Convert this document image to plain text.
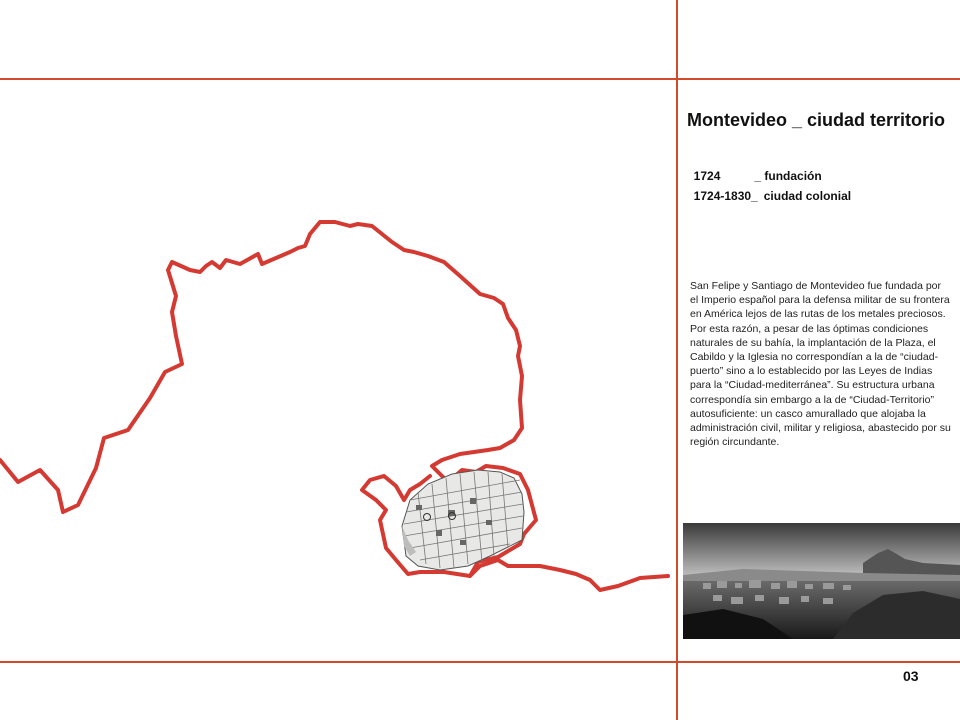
Montevideo _ ciudad territorio

1724	_ fundación

1724-1830_ ciudad colonial

San Felipe y Santiago de Montevideo fue fundada por el Imperio español para la defensa militar de su frontera en América lejos de las rutas de los metales preciosos. Por esta razón, a pesar de las óptimas condiciones naturales de su bahía, la implantación de la Plaza, el Cabildo y la Iglesia no correspondían a la de “ciudad-puerto” sino a lo establecido por las Leyes de Indias para la “Ciudad-mediterránea”. Su estructura urbana correspondía sin embargo a la de “Ciudad-Territorio” autosuficiente: un casco amurallado que alojaba la administración civil, militar y religiosa, abastecido por su región circundante.
03
